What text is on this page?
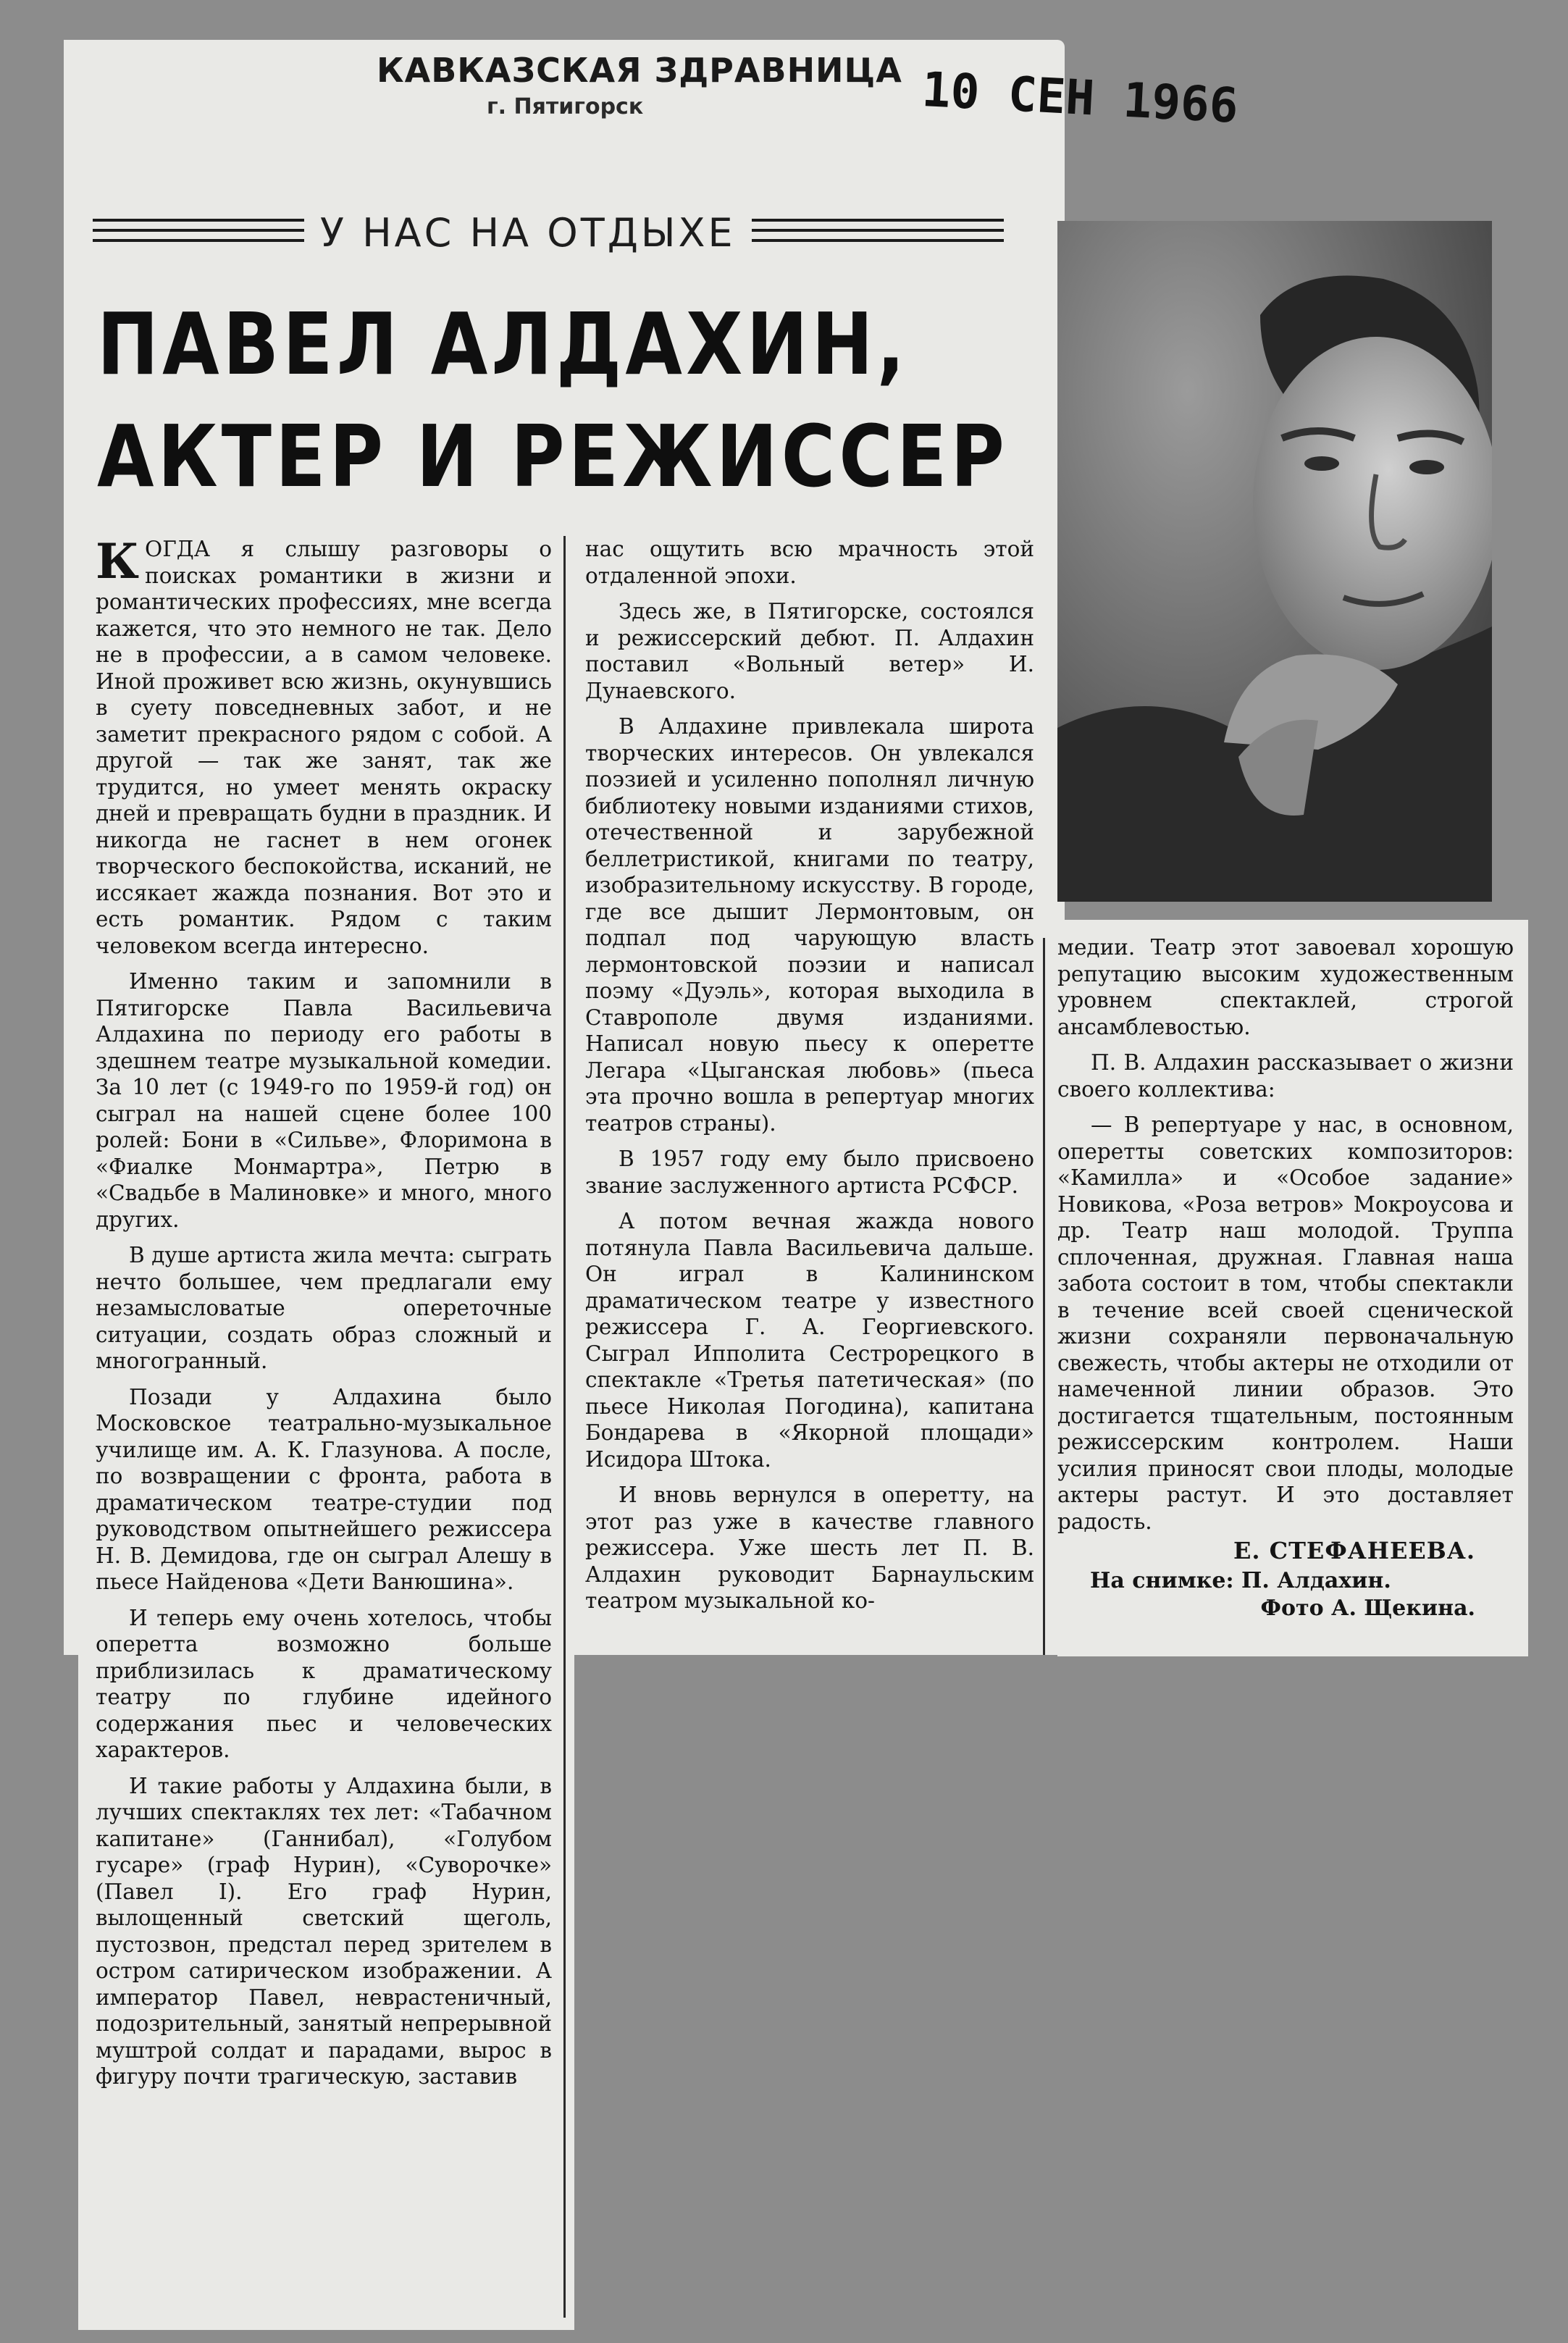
КАВКАЗСКАЯ ЗДРАВНИЦА
г. Пятигорск	10 СЕН 1966
У НАС НА ОТДЫХЕ
ПАВЕЛ АЛДАХИН,
АКТЕР И РЕЖИССЕР

КОГДА я слышу разговоры о поисках романтики в жизни и романтических профессиях, мне всегда кажется, что это немного не так. Дело не в профессии, а в самом человеке. Иной проживет всю жизнь, окунувшись в суету повседневных забот, и не заметит прекрасного рядом с собой. А другой — так же занят, так же трудится, но умеет менять окраску дней и превращать будни в праздник. И никогда не гаснет в нем огонек творческого беспокойства, исканий, не иссякает жажда познания. Вот это и есть романтик. Рядом с таким человеком всегда интересно.

Именно таким и запомнили в Пятигорске Павла Васильевича Алдахина по периоду его работы в здешнем театре музыкальной комедии. За 10 лет (с 1949-го по 1959-й год) он сыграл на нашей сцене более 100 ролей: Бони в «Сильве», Флоримона в «Фиалке Монмартра», Петрю в «Свадьбе в Малиновке» и много, много других.

В душе артиста жила мечта: сыграть нечто большее, чем предлагали ему незамысловатые опереточные ситуации, создать образ сложный и многогранный.

Позади у Алдахина было Московское театрально-музыкальное училище им. А. К. Глазунова. А после, по возвращении с фронта, работа в драматическом театре-студии под руководством опытнейшего режиссера Н. В. Демидова, где он сыграл Алешу в пьесе Найденова «Дети Ванюшина».

И теперь ему очень хотелось, чтобы оперетта возможно больше приблизилась к драматическому театру по глубине идейного содержания пьес и человеческих характеров.

И такие работы у Алдахина были, в лучших спектаклях тех лет: «Табачном капитане» (Ганнибал), «Голубом гусаре» (граф Нурин), «Суворочке» (Павел I). Его граф Нурин, вылощенный светский щеголь, пустозвон, предстал перед зрителем в остром сатирическом изображении. А император Павел, неврастеничный, подозрительный, занятый непрерывной муштрой солдат и парадами, вырос в фигуру почти трагическую, заставив

нас ощутить всю мрачность этой отдаленной эпохи.

Здесь же, в Пятигорске, состоялся и режиссерский дебют. П. Алдахин поставил «Вольный ветер» И. Дунаевского.

В Алдахине привлекала широта творческих интересов. Он увлекался поэзией и усиленно пополнял личную библиотеку новыми изданиями стихов, отечественной и зарубежной беллетристикой, книгами по театру, изобразительному искусству. В городе, где все дышит Лермонтовым, он подпал под чарующую власть лермонтовской поэзии и написал поэму «Дуэль», которая выходила в Ставрополе двумя изданиями. Написал новую пьесу к оперетте Легара «Цыганская любовь» (пьеса эта прочно вошла в репертуар многих театров страны).

В 1957 году ему было присвоено звание заслуженного артиста РСФСР.

А потом вечная жажда нового потянула Павла Васильевича дальше. Он играл в Калининском драматическом театре у известного режиссера Г. А. Георгиевского. Сыграл Ипполита Сестрорецкого в спектакле «Третья патетическая» (по пьесе Николая Погодина), капитана Бондарева в «Якорной площади» Исидора Штока.

И вновь вернулся в оперетту, на этот раз уже в качестве главного режиссера. Уже шесть лет П. В. Алдахин руководит Барнаульским театром музыкальной ко-

медии. Театр этот завоевал хорошую репутацию высоким художественным уровнем спектаклей, строгой ансамблевостью.

П. В. Алдахин рассказывает о жизни своего коллектива:

— В репертуаре у нас, в основном, оперетты советских композиторов: «Камилла» и «Особое задание» Новикова, «Роза ветров» Мокроусова и др. Театр наш молодой. Труппа сплоченная, дружная. Главная наша забота состоит в том, чтобы спектакли в течение всей своей сценической жизни сохраняли первоначальную свежесть, чтобы актеры не отходили от намеченной линии образов. Это достигается тщательным, постоянным режиссерским контролем. Наши усилия приносят свои плоды, молодые актеры растут. И это доставляет радость.

Е. СТЕФАНЕЕВА.
На снимке: П. Алдахин.
Фото А. Щекина.
